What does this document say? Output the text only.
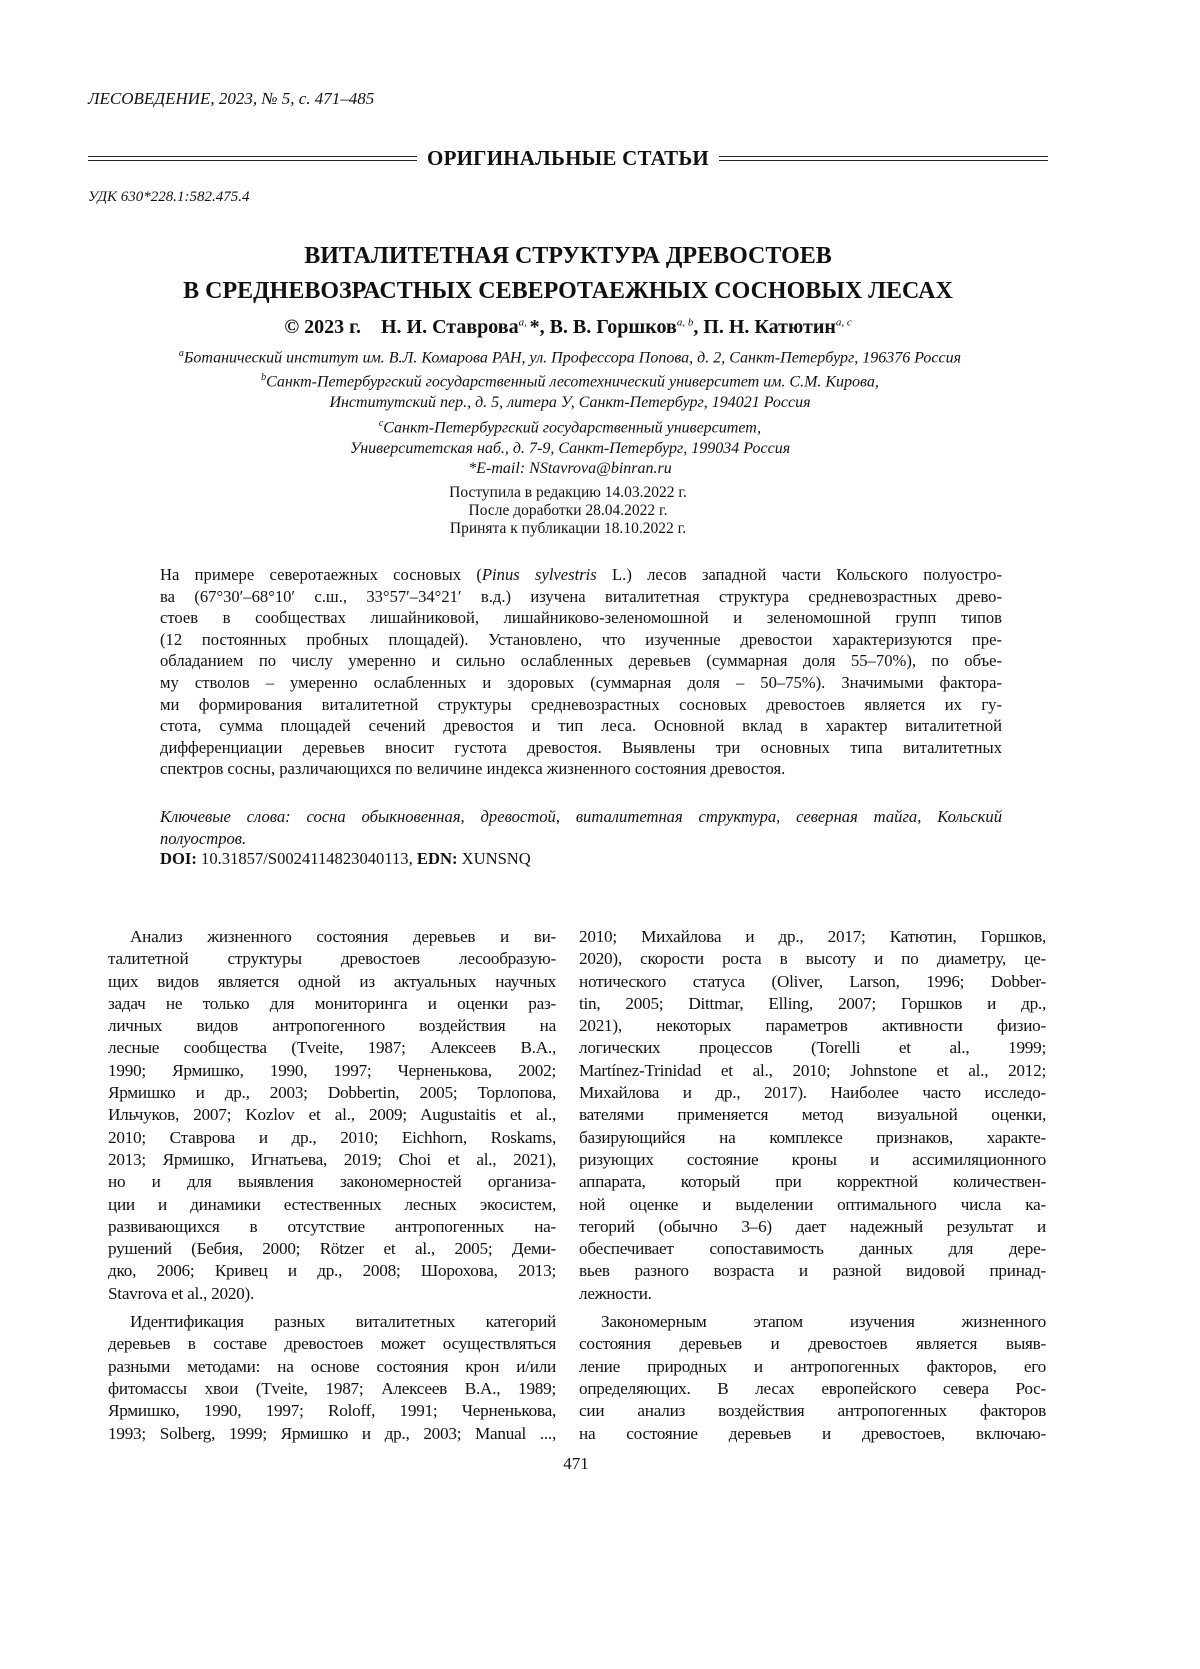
ЛЕСОВЕДЕНИЕ, 2023, № 5, с. 471–485
ОРИГИНАЛЬНЫЕ СТАТЬИ
УДК 630*228.1:582.475.4
ВИТАЛИТЕТНАЯ СТРУКТУРА ДРЕВОСТОЕВ
В СРЕДНЕВОЗРАСТНЫХ СЕВЕРОТАЕЖНЫХ СОСНОВЫХ ЛЕСАХ
© 2023 г. Н. И. Ставроваa, *, В. В. Горшковa, b, П. Н. Катютинa, c
aБотанический институт им. В.Л. Комарова РАН, ул. Профессора Попова, д. 2, Санкт-Петербург, 196376 Россия
bСанкт-Петербургский государственный лесотехнический университет им. С.М. Кирова,
Институтский пер., д. 5, литера У, Санкт-Петербург, 194021 Россия
cСанкт-Петербургский государственный университет,
Университетская наб., д. 7-9, Санкт-Петербург, 199034 Россия
*E-mail: NStavrova@binran.ru
Поступила в редакцию 14.03.2022 г.
После доработки 28.04.2022 г.
Принята к публикации 18.10.2022 г.
На примере северотаежных сосновых (Pinus sylvestris L.) лесов западной части Кольского полуостро-
ва (67°30′–68°10′ с.ш., 33°57′–34°21′ в.д.) изучена виталитетная структура средневозрастных древо-
стоев в сообществах лишайниковой, лишайниково-зеленомошной и зеленомошной групп типов
(12 постоянных пробных площадей). Установлено, что изученные древостои характеризуются пре-
обладанием по числу умеренно и сильно ослабленных деревьев (суммарная доля 55–70%), по объе-
му стволов – умеренно ослабленных и здоровых (суммарная доля – 50–75%). Значимыми фактора-
ми формирования виталитетной структуры средневозрастных сосновых древостоев является их гу-
стота, сумма площадей сечений древостоя и тип леса. Основной вклад в характер виталитетной
дифференциации деревьев вносит густота древостоя. Выявлены три основных типа виталитетных
спектров сосны, различающихся по величине индекса жизненного состояния древостоя.
Ключевые слова: сосна обыкновенная, древостой, виталитетная структура, северная тайга, Кольский
полуостров.
DOI: 10.31857/S0024114823040113, EDN: XUNSNQ
Анализ жизненного состояния деревьев и ви-
талитетной структуры древостоев лесообразую-
щих видов является одной из актуальных научных
задач не только для мониторинга и оценки раз-
личных видов антропогенного воздействия на
лесные сообщества (Tveite, 1987; Алексеев В.А.,
1990; Ярмишко, 1990, 1997; Черненькова, 2002;
Ярмишко и др., 2003; Dobbertin, 2005; Торлопова,
Ильчуков, 2007; Kozlov et al., 2009; Augustaitis et al.,
2010; Ставрова и др., 2010; Eichhorn, Roskams,
2013; Ярмишко, Игнатьева, 2019; Choi et al., 2021),
но и для выявления закономерностей организа-
ции и динамики естественных лесных экосистем,
развивающихся в отсутствие антропогенных на-
рушений (Бебия, 2000; Rötzer et al., 2005; Деми-
дко, 2006; Кривец и др., 2008; Шорохова, 2013;
Stavrova et al., 2020).
Идентификация разных виталитетных категорий
деревьев в составе древостоев может осуществляться
разными методами: на основе состояния крон и/или
фитомассы хвои (Tveite, 1987; Алексеев В.А., 1989;
Ярмишко, 1990, 1997; Roloff, 1991; Черненькова,
1993; Solberg, 1999; Ярмишко и др., 2003; Manual ...,
2010; Михайлова и др., 2017; Катютин, Горшков,
2020), скорости роста в высоту и по диаметру, це-
нотического статуса (Oliver, Larson, 1996; Dobber-
tin, 2005; Dittmar, Elling, 2007; Горшков и др.,
2021), некоторых параметров активности физио-
логических процессов (Torelli et al., 1999;
Martínez-Trinidad et al., 2010; Johnstone et al., 2012;
Михайлова и др., 2017). Наиболее часто исследо-
вателями применяется метод визуальной оценки,
базирующийся на комплексе признаков, характе-
ризующих состояние кроны и ассимиляционного
аппарата, который при корректной количествен-
ной оценке и выделении оптимального числа ка-
тегорий (обычно 3–6) дает надежный результат и
обеспечивает сопоставимость данных для дере-
вьев разного возраста и разной видовой принад-
лежности.
Закономерным этапом изучения жизненного
состояния деревьев и древостоев является выяв-
ление природных и антропогенных факторов, его
определяющих. В лесах европейского севера Рос-
сии анализ воздействия антропогенных факторов
на состояние деревьев и древостоев, включаю-
471
